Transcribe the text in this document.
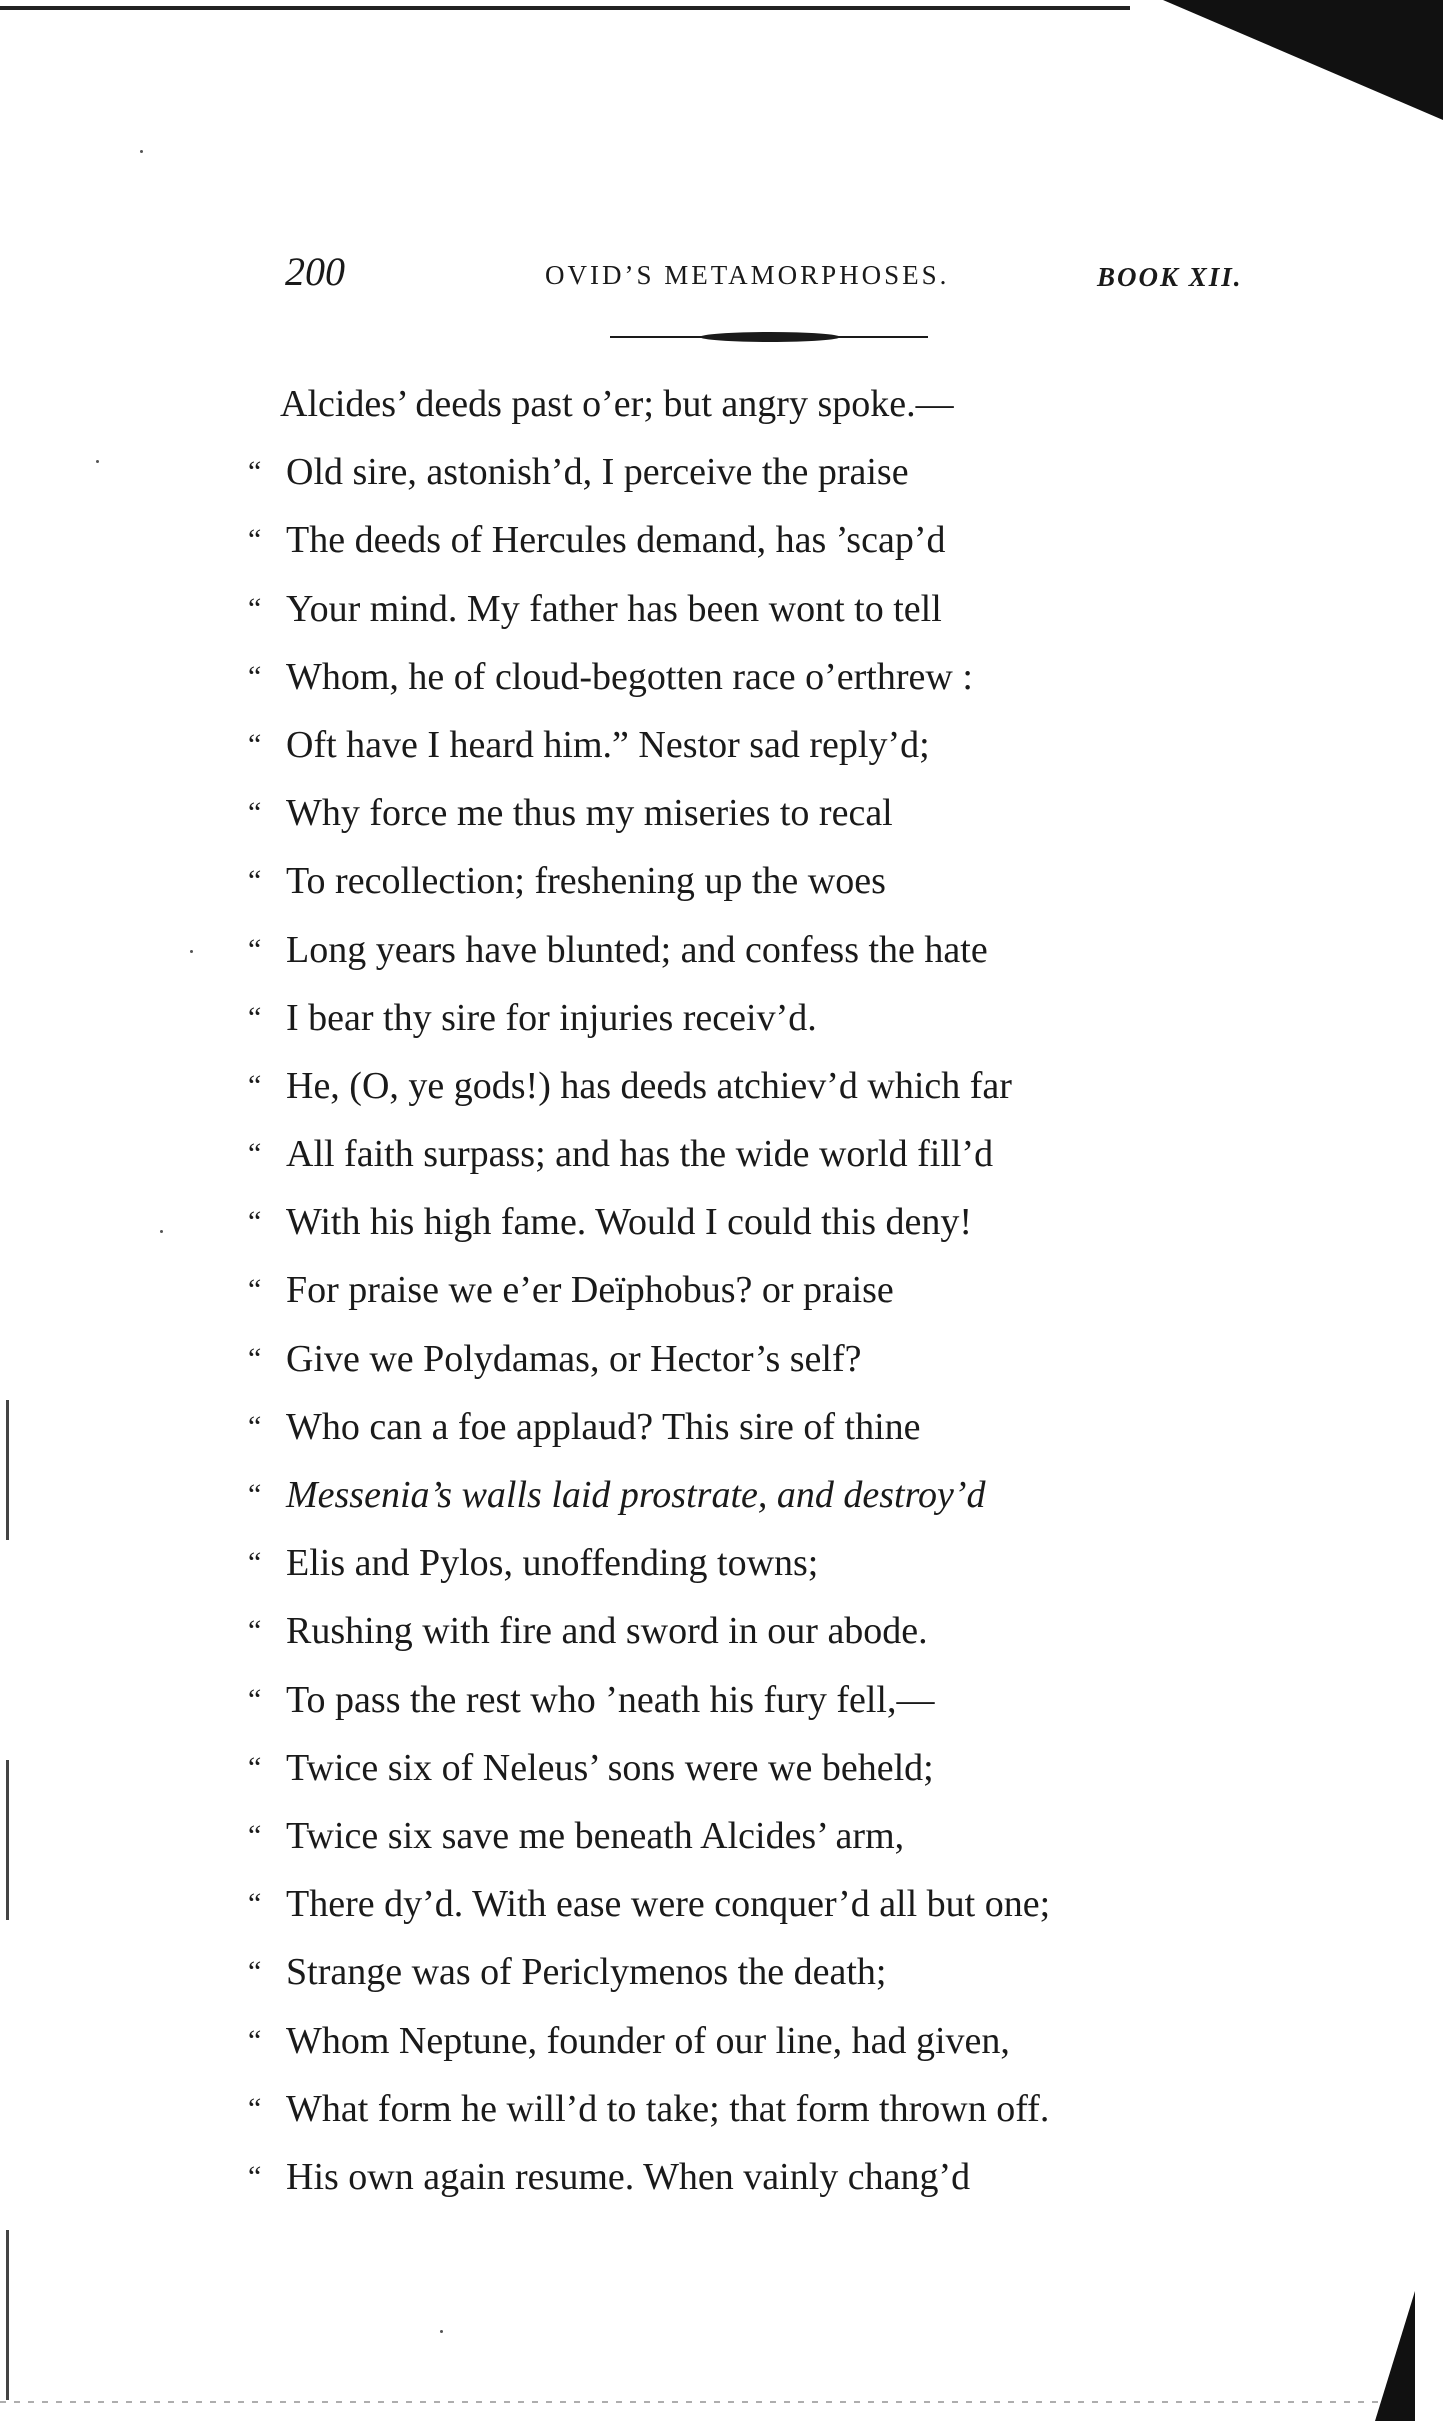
200	OVID’S METAMORPHOSES.	BOOK XII.
Alcides’ deeds past o’er; but angry spoke.—
“ Old sire, astonish’d, I perceive the praise
“ The deeds of Hercules demand, has ’scap’d
“ Your mind. My father has been wont to tell
“ Whom, he of cloud-begotten race o’erthrew :
“ Oft have I heard him.” Nestor sad reply’d;
“ Why force me thus my miseries to recal
“ To recollection; freshening up the woes
“ Long years have blunted; and confess the hate
“ I bear thy sire for injuries receiv’d.
“ He, (O, ye gods!) has deeds atchiev’d which far
“ All faith surpass; and has the wide world fill’d
“ With his high fame. Would I could this deny!
“ For praise we e’er Deïphobus? or praise
“ Give we Polydamas, or Hector’s self?
“ Who can a foe applaud? This sire of thine
“ Messenia’s walls laid prostrate, and destroy’d
“ Elis and Pylos, unoffending towns;
“ Rushing with fire and sword in our abode.
“ To pass the rest who ’neath his fury fell,—
“ Twice six of Neleus’ sons were we beheld;
“ Twice six save me beneath Alcides’ arm,
“ There dy’d. With ease were conquer’d all but one;
“ Strange was of Periclymenos the death;
“ Whom Neptune, founder of our line, had given,
“ What form he will’d to take; that form thrown off.
“ His own again resume. When vainly chang’d
